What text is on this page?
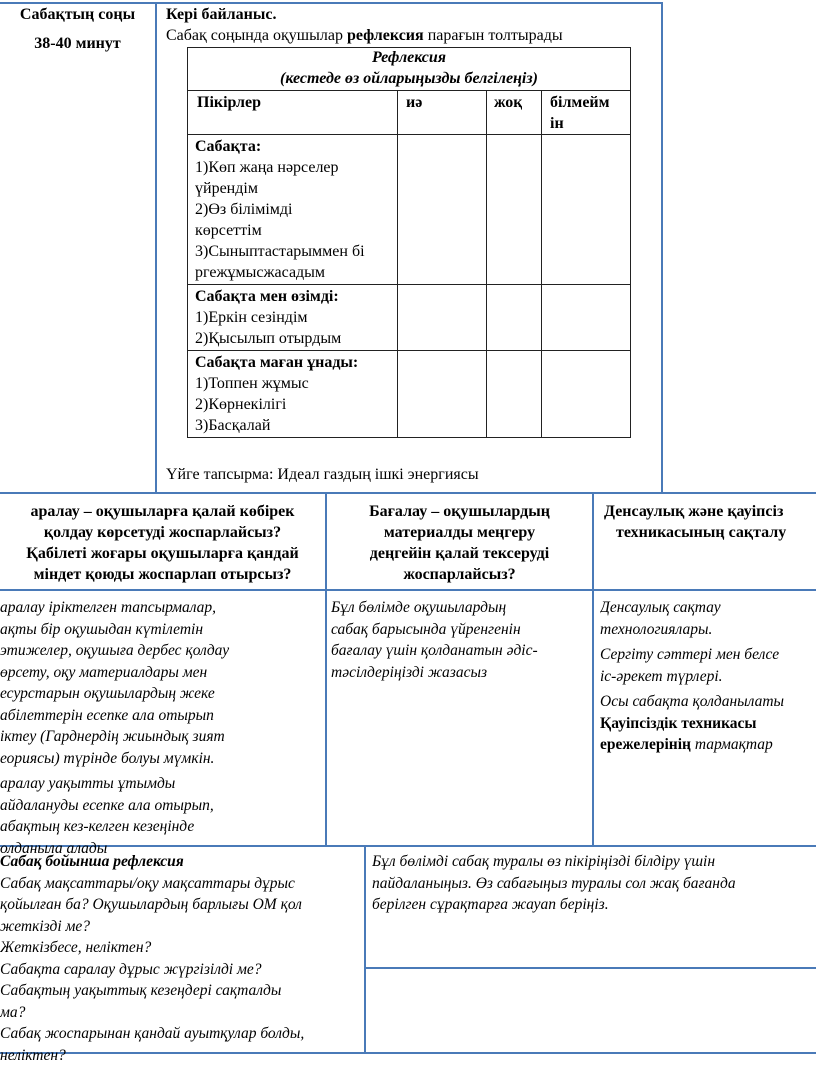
Сабақтың соңы

38-40 минут

Кері байланыс.

Сабақ соңында оқушылар рефлексия парағын толтырады

Рефлексия

(кестеде өз ойларыңызды белгілеңіз)

Пікірлер	иә	жоқ білмейм

ін

Сабақта:

1)Көп жаңа нәрселер

үйрендім

2)Өз білімімді

көрсеттім

3)Сыныптастарыммен бі

ргежұмысжасадым

Сабақта мен өзімді:

1)Еркін сезіндім

2)Қысылып отырдым

Сабақта маған ұнады:

1)Топпен жұмыс

2)Көрнекілігі

3)Басқалай

Үйге тапсырма: Идеал газдың ішкі энергиясы

аралау – оқушыларға қалай көбірек

қолдау көрсетуді жоспарлайсыз?

Қабілеті жоғары оқушыларға қандай

міндет қоюды жоспарлап отырсыз?

Бағалау – оқушылардың

материалды меңгеру

деңгейін қалай тексеруді

жоспарлайсыз?

Денсаулық және қауіпсіз

техникасының сақталу

аралау іріктелген тапсырмалар,

ақты бір оқушыдан күтілетін

этижелер, оқушыға дербес қолдау

өрсету, оқу материалдары мен

есурстарын оқушылардың жеке

абілеттерін есепке ала отырып

іктеу (Гарднердің жиындық зият

еориясы) түрінде болуы мүмкін.

аралау уақытты ұтымды

айдалануды есепке ала отырып,

абақтың кез-келген кезеңінде

олданыла алады

Бұл бөлімде оқушылардың

сабақ барысында үйренгенін

бағалау үшін қолданатын әдіс-

тәсілдеріңізді жазасыз

Денсаулық сақтау

технологиялары.

Сергіту сәттері мен белсе

іс-әрекет түрлері.

Осы сабақта қолданылаты

Қауіпсіздік техникасы

ережелерінің тармақтар

Сабақ бойынша рефлексия

Сабақ мақсаттары/оқу мақсаттары дұрыс

қойылған ба? Оқушылардың барлығы ОМ қол

жеткізді ме?

Жеткізбесе, неліктен?

Сабақта саралау дұрыс жүргізілді ме?

Сабақтың уақыттық кезеңдері сақталды

ма?

Сабақ жоспарынан қандай ауытқулар болды,

неліктен?

Бұл бөлімді сабақ туралы өз пікіріңізді білдіру үшін

пайдаланыңыз. Өз сабағыңыз туралы сол жақ бағанда

берілген сұрақтарға жауап беріңіз.
